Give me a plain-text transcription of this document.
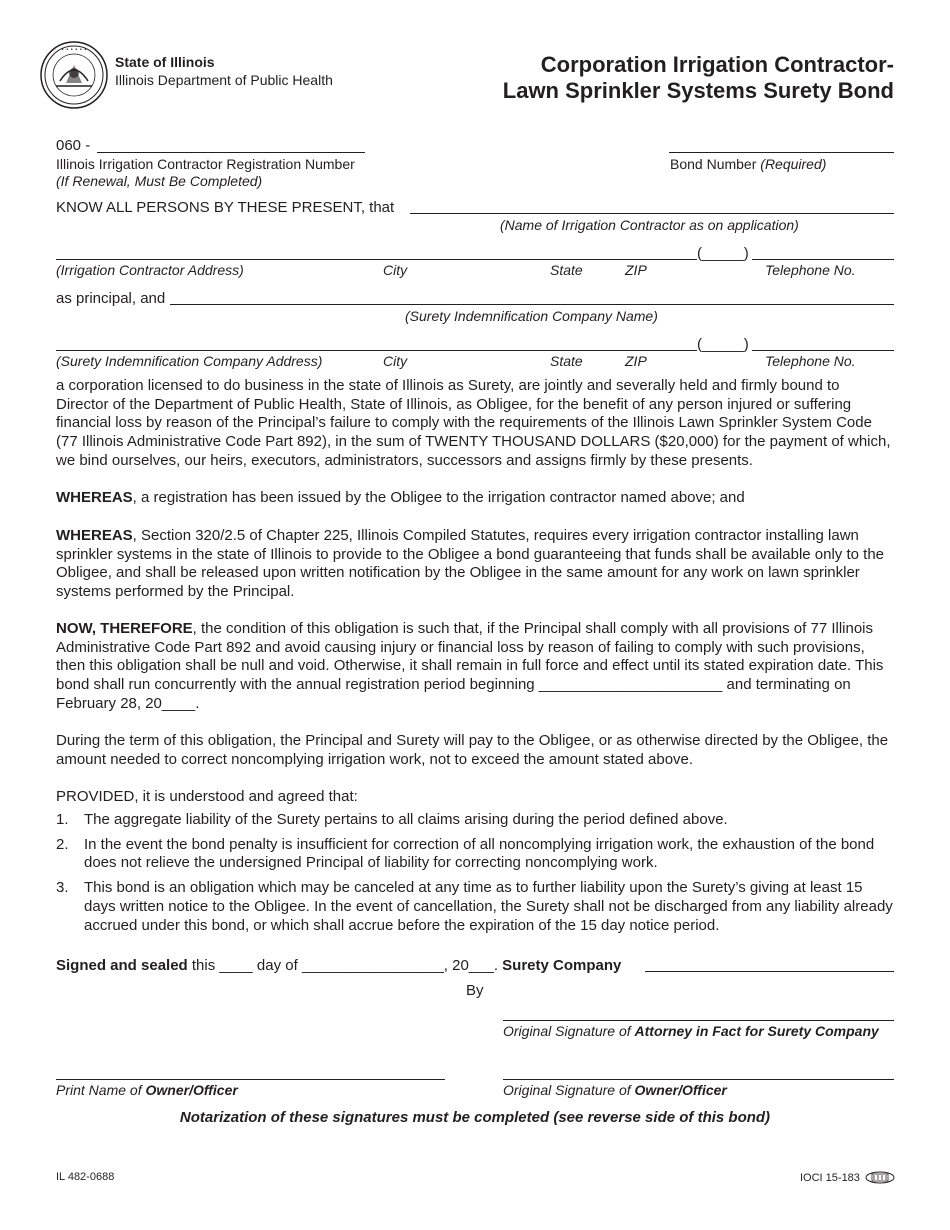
• • • • • •
State of Illinois
Illinois Department of Public Health
Corporation Irrigation Contractor-
Lawn Sprinkler Systems Surety Bond
060 -
Illinois Irrigation Contractor Registration Number
(If Renewal, Must Be Completed)
Bond Number (Required)
KNOW ALL PERSONS BY THESE PRESENT, that
(Name of Irrigation Contractor as on application)
(_____)
(Irrigation Contractor Address)	City	State	ZIP	Telephone No.
as principal, and
(Surety Indemnification Company Name)
(_____)
(Surety Indemnification Company Address)	City	State	ZIP	Telephone No.
a corporation licensed to do business in the state of Illinois as Surety, are jointly and severally held and firmly bound to Director of the Department of Public Health, State of Illinois, as Obligee, for the benefit of any person injured or suffering financial loss by reason of the Principal’s failure to comply with the requirements of the Illinois Lawn Sprinkler System Code (77 Illinois Administrative Code Part 892), in the sum of TWENTY THOUSAND DOLLARS ($20,000) for the payment of which, we bind ourselves, our heirs, executors, administrators, successors and assigns firmly by these presents.
WHEREAS, a registration has been issued by the Obligee to the irrigation contractor named above; and
WHEREAS, Section 320/2.5 of Chapter 225, Illinois Compiled Statutes, requires every irrigation contractor installing lawn sprinkler systems in the state of Illinois to provide to the Obligee a bond guaranteeing that funds shall be available only to the Obligee, and shall be released upon written notification by the Obligee in the same amount for any work on lawn sprinkler systems performed by the Principal.
NOW, THEREFORE, the condition of this obligation is such that, if the Principal shall comply with all provisions of 77 Illinois Administrative Code Part 892 and avoid causing injury or financial loss by reason of failing to comply with such provisions, then this obligation shall be null and void. Otherwise, it shall remain in full force and effect until its stated expiration date. This bond shall run concurrently with the annual registration period beginning ______________________ and terminating on February 28, 20____.
During the term of this obligation, the Principal and Surety will pay to the Obligee, or as otherwise directed by the Obligee, the amount needed to correct noncomplying irrigation work, not to exceed the amount stated above.
PROVIDED, it is understood and agreed that:
1. The aggregate liability of the Surety pertains to all claims arising during the period defined above.
2. In the event the bond penalty is insufficient for correction of all noncomplying irrigation work, the exhaustion of the bond does not relieve the undersigned Principal of liability for correcting noncomplying work.
3. This bond is an obligation which may be canceled at any time as to further liability upon the Surety’s giving at least 15 days written notice to the Obligee. In the event of cancellation, the Surety shall not be discharged from any liability already accrued under this bond, or which shall accrue before the expiration of the 15 day notice period.
Signed and sealed this ____ day of _________________, 20___. Surety Company
By
Original Signature of Attorney in Fact for Surety Company
Print Name of Owner/Officer	Original Signature of Owner/Officer
Notarization of these signatures must be completed (see reverse side of this bond)
IL 482-0688	IOCI 15-183
